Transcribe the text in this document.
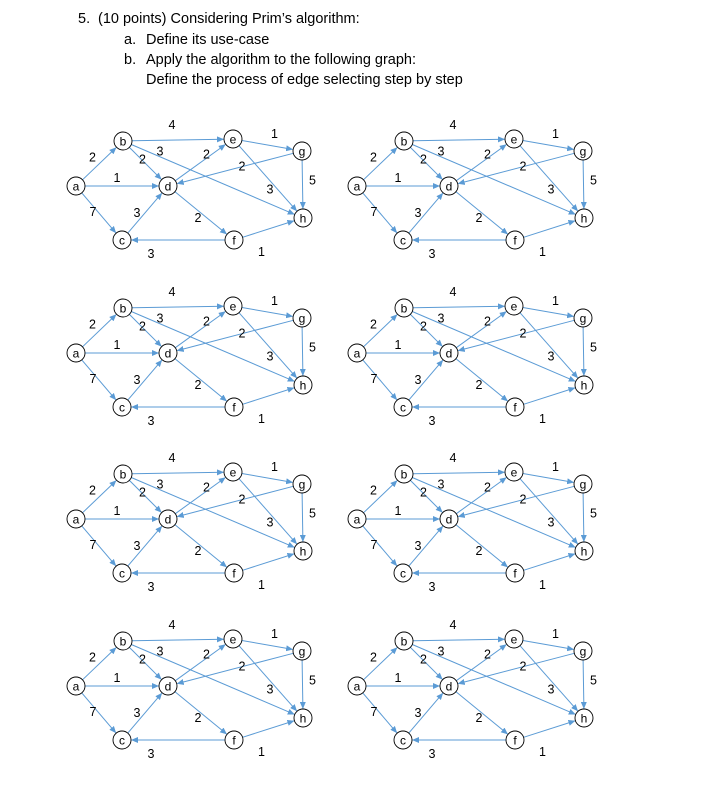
5. (10 points) Considering Prim’s algorithm:
a. Define its use-case
b. Apply the algorithm to the following graph:
Define the process of edge selecting step by step
2
1
7
4
2
3
3
3
2
2
1
2
3
5
1
a
b
c
d
e
f
g
h
2
1
7
4
2
3
3
3
2
2
1
2
3
5
1
a
b
c
d
e
f
g
h
2
1
7
4
2
3
3
3
2
2
1
2
3
5
1
a
b
c
d
e
f
g
h
2
1
7
4
2
3
3
3
2
2
1
2
3
5
1
a
b
c
d
e
f
g
h
2
1
7
4
2
3
3
3
2
2
1
2
3
5
1
a
b
c
d
e
f
g
h
2
1
7
4
2
3
3
3
2
2
1
2
3
5
1
a
b
c
d
e
f
g
h
2
1
7
4
2
3
3
3
2
2
1
2
3
5
1
a
b
c
d
e
f
g
h
2
1
7
4
2
3
3
3
2
2
1
2
3
5
1
a
b
c
d
e
f
g
h
